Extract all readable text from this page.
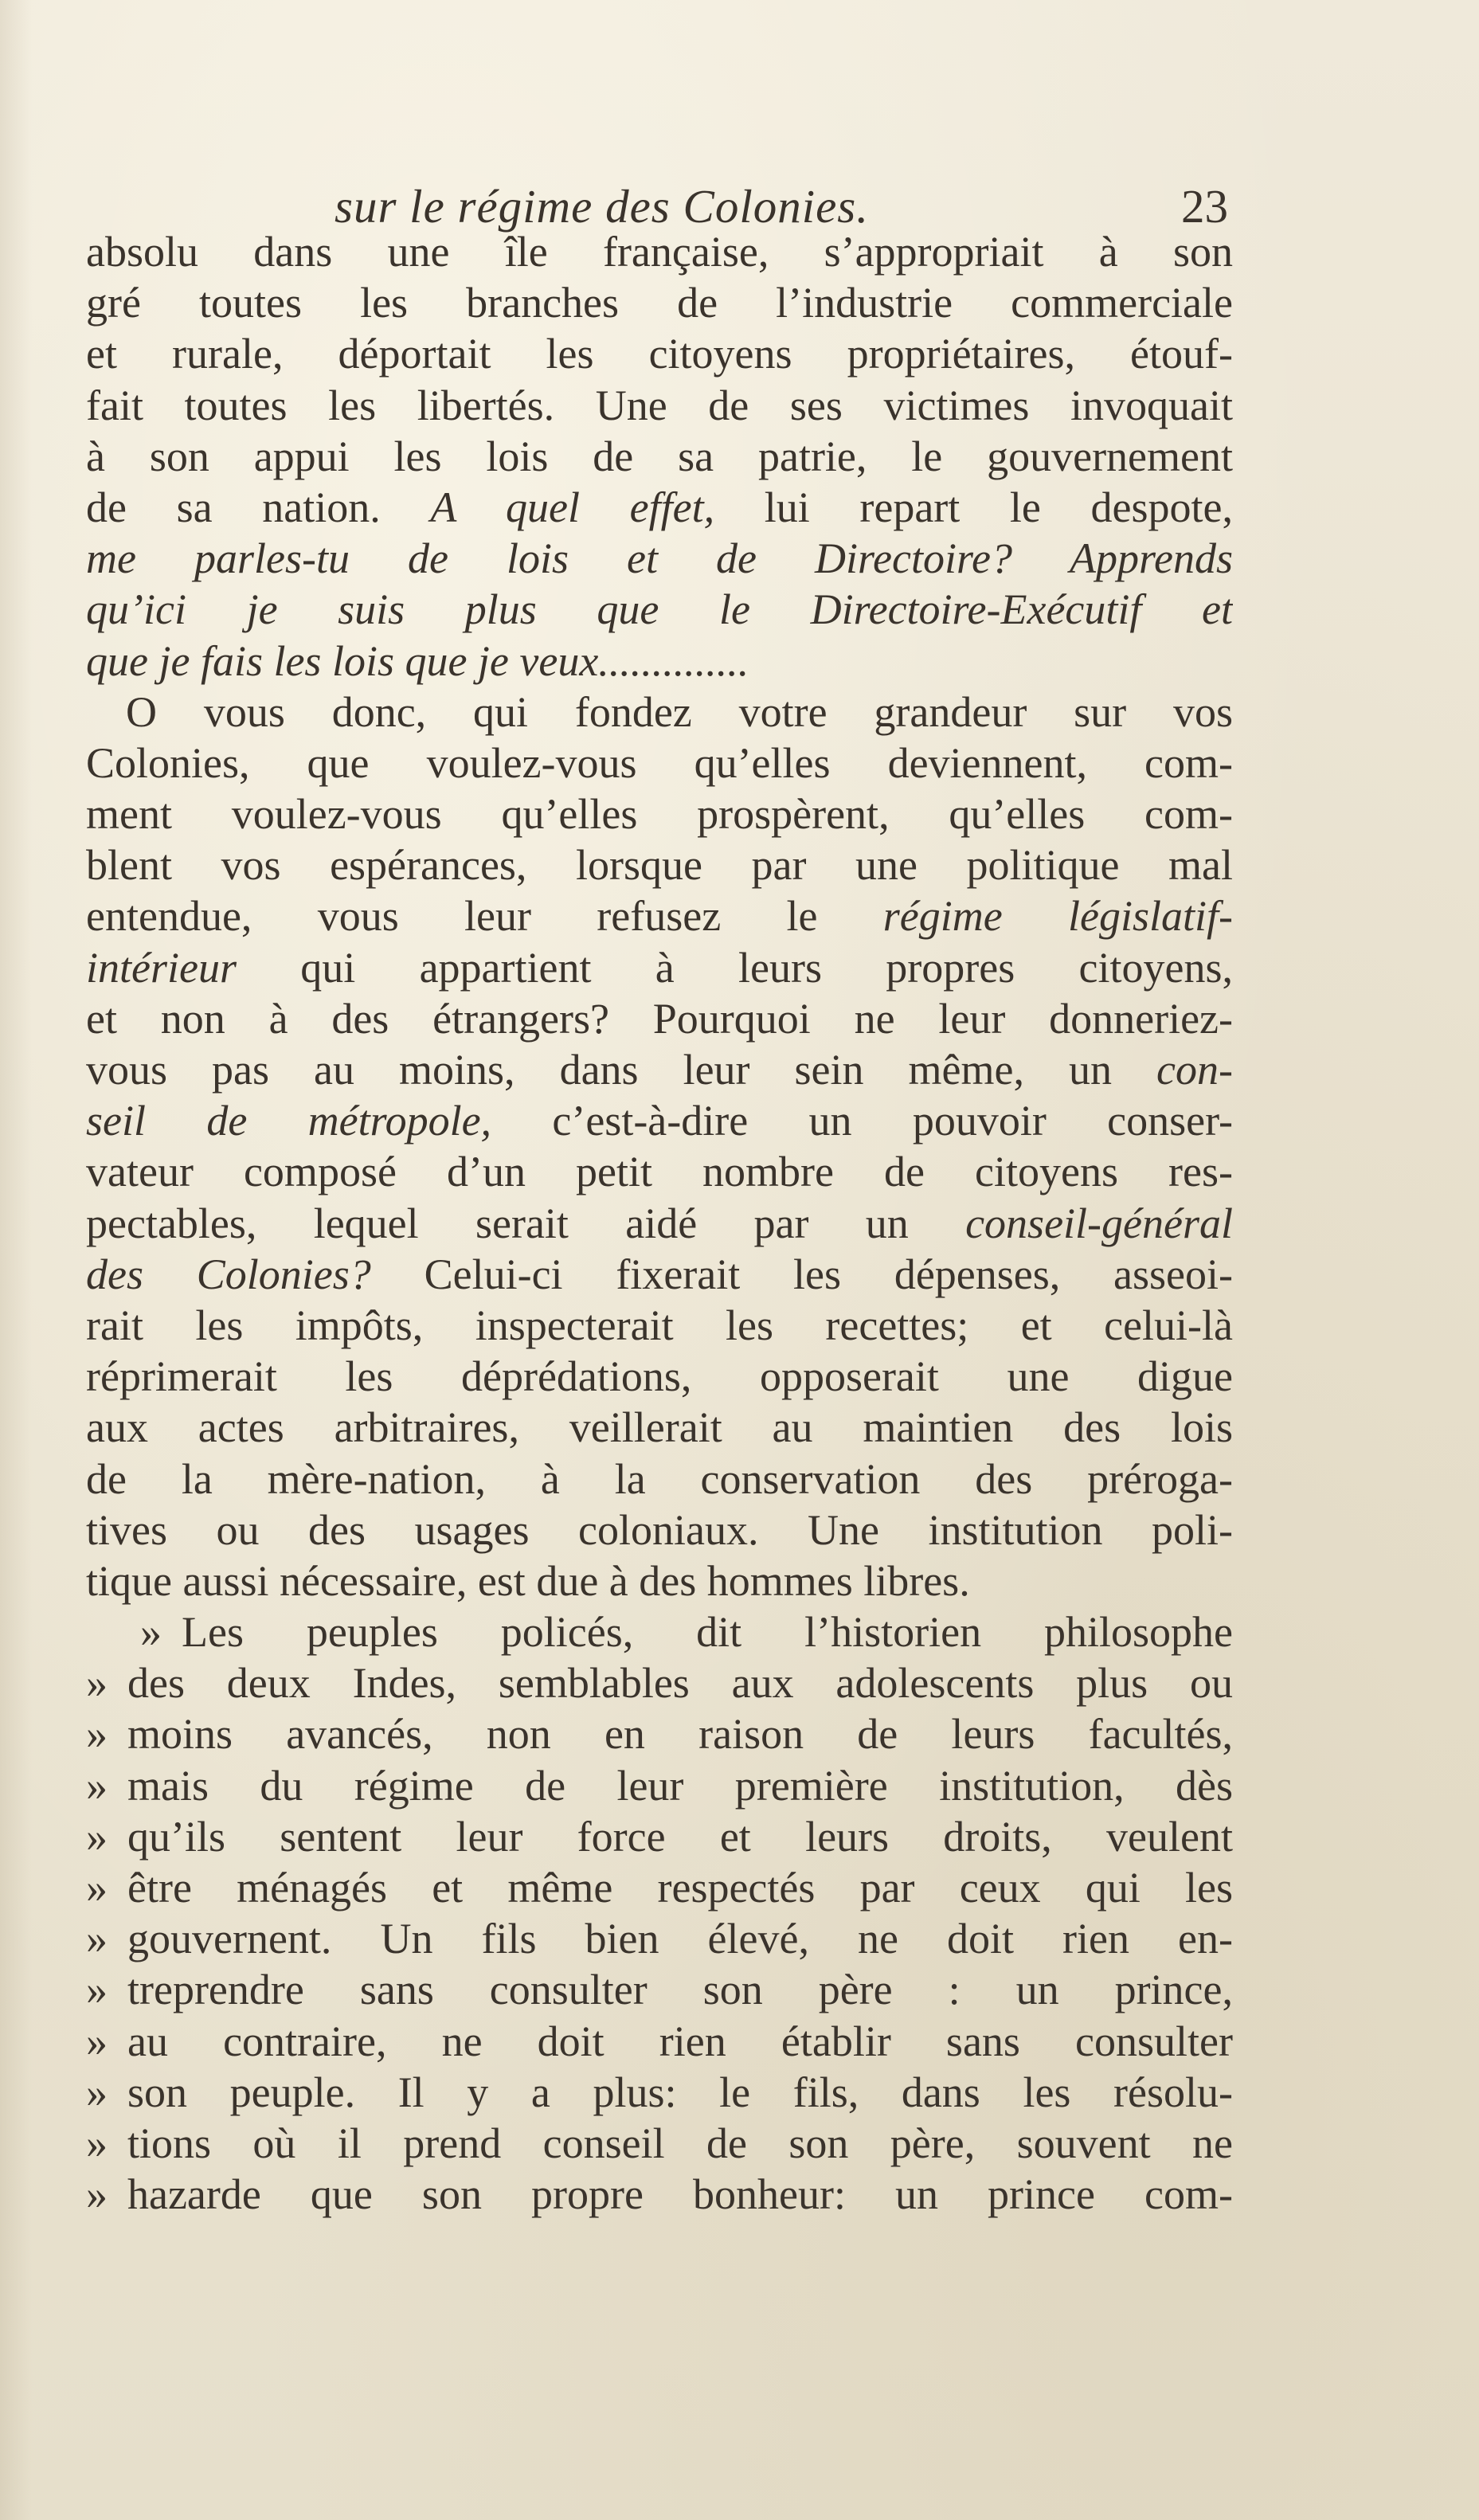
sur le régime des Colonies.	23
absolu dans une île française, s’appropriait à son
gré toutes les branches de l’industrie commerciale
et rurale, déportait les citoyens propriétaires, étouf-
fait toutes les libertés. Une de ses victimes invoquait
à son appui les lois de sa patrie, le gouvernement
de sa nation. A quel effet, lui repart le despote,
me parles-tu de lois et de Directoire? Apprends
qu’ici je suis plus que le Directoire-Exécutif et
que je fais les lois que je veux..............
O vous donc, qui fondez votre grandeur sur vos
Colonies, que voulez-vous qu’elles deviennent, com-
ment voulez-vous qu’elles prospèrent, qu’elles com-
blent vos espérances, lorsque par une politique mal
entendue, vous leur refusez le régime législatif-
intérieur qui appartient à leurs propres citoyens,
et non à des étrangers? Pourquoi ne leur donneriez-
vous pas au moins, dans leur sein même, un con-
seil de métropole, c’est-à-dire un pouvoir conser-
vateur composé d’un petit nombre de citoyens res-
pectables, lequel serait aidé par un conseil-général
des Colonies? Celui-ci fixerait les dépenses, asseoi-
rait les impôts, inspecterait les recettes; et celui-là
réprimerait les déprédations, opposerait une digue
aux actes arbitraires, veillerait au maintien des lois
de la mère-nation, à la conservation des préroga-
tives ou des usages coloniaux. Une institution poli-
tique aussi nécessaire, est due à des hommes libres.
» Les peuples policés, dit l’historien philosophe
» des deux Indes, semblables aux adolescents plus ou
» moins avancés, non en raison de leurs facultés,
» mais du régime de leur première institution, dès
» qu’ils sentent leur force et leurs droits, veulent
» être ménagés et même respectés par ceux qui les
» gouvernent. Un fils bien élevé, ne doit rien en-
» treprendre sans consulter son père : un prince,
» au contraire, ne doit rien établir sans consulter
» son peuple. Il y a plus: le fils, dans les résolu-
» tions où il prend conseil de son père, souvent ne
» hazarde que son propre bonheur: un prince com-
